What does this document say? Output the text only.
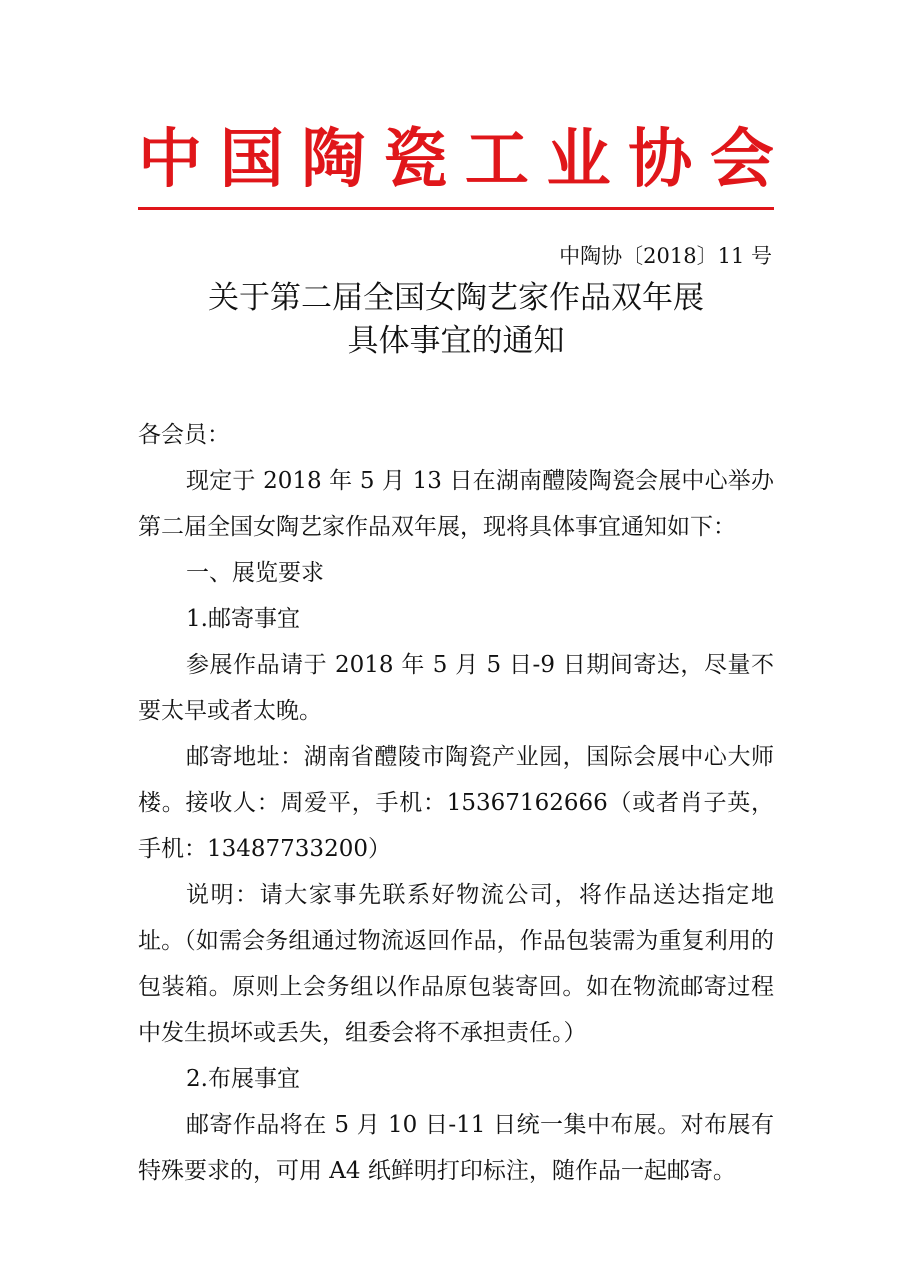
中 国 陶 瓷 工 业 协 会
中陶协〔2018〕11 号
关于第二届全国女陶艺家作品双年展
具体事宜的通知

各会员：

现定于 2018 年 5 月 13 日在湖南醴陵陶瓷会展中心举办第二届全国女陶艺家作品双年展，现将具体事宜通知如下：

一、展览要求

1.邮寄事宜

参展作品请于 2018 年 5 月 5 日-9 日期间寄达，尽量不要太早或者太晚。

邮寄地址：湖南省醴陵市陶瓷产业园，国际会展中心大师楼。接收人：周爱平，手机：15367162666（或者肖子英，手机：13487733200）

说明：请大家事先联系好物流公司，将作品送达指定地址。（如需会务组通过物流返回作品，作品包装需为重复利用的包装箱。原则上会务组以作品原包装寄回。如在物流邮寄过程中发生损坏或丢失，组委会将不承担责任。）

2.布展事宜

邮寄作品将在 5 月 10 日-11 日统一集中布展。对布展有特殊要求的，可用 A4 纸鲜明打印标注，随作品一起邮寄。
